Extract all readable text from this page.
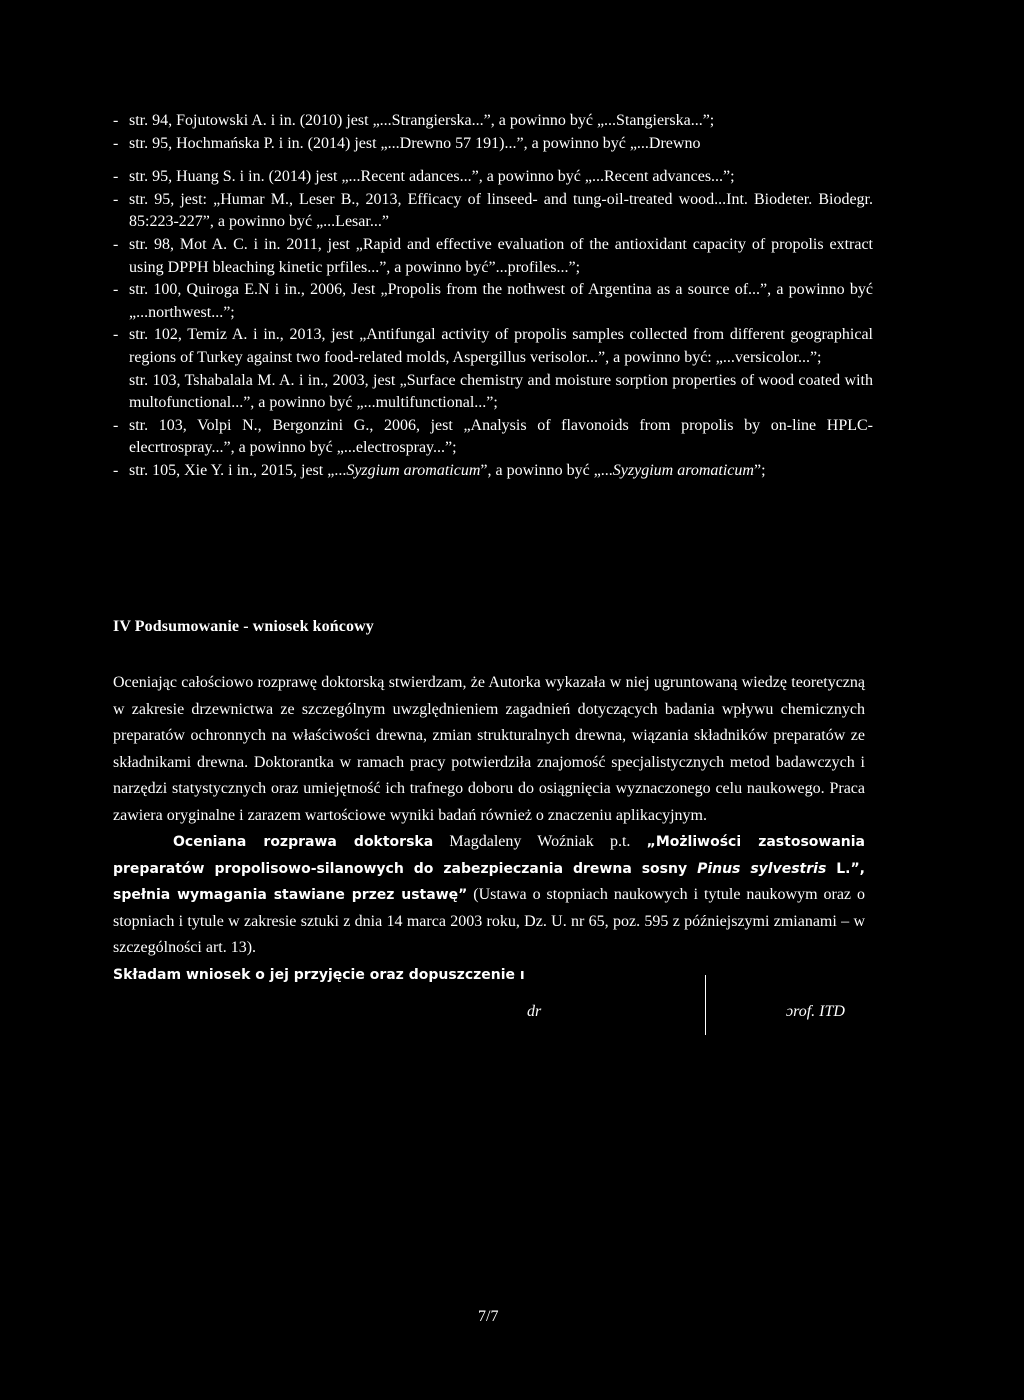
- str. 94, Fojutowski A. i in. (2010) jest „...Strangierska...”, a powinno być „...Stangierska...”;
- str. 95, Hochmańska P. i in. (2014) jest „...Drewno 57 191)...”, a powinno być „...Drewno
- str. 95, Huang S. i in. (2014) jest „...Recent adances...”, a powinno być „...Recent advances...”;
- str. 95, jest: „Humar M., Leser B., 2013, Efficacy of linseed- and tung-oil-treated wood...Int. Biodeter. Biodegr. 85:223-227”, a powinno być „...Lesar...”
- str. 98, Mot A. C. i in. 2011, jest „Rapid and effective evaluation of the antioxidant capacity of propolis extract using DPPH bleaching kinetic prfiles...”, a powinno być”...profiles...”;
- str. 100, Quiroga E.N i in., 2006, Jest „Propolis from the nothwest of Argentina as a source of...”, a powinno być „...northwest...”;
- str. 102, Temiz A. i in., 2013, jest „Antifungal activity of propolis samples collected from different geographical regions of Turkey against two food-related molds, Aspergillus verisolor...”, a powinno być: „...versicolor...”;
str. 103, Tshabalala M. A. i in., 2003, jest „Surface chemistry and moisture sorption properties of wood coated with multofunctional...”, a powinno być „...multifunctional...”;
- str. 103, Volpi N., Bergonzini G., 2006, jest „Analysis of flavonoids from propolis by on-line HPLC-elecrtrospray...”, a powinno być „...electrospray...”;
- str. 105, Xie Y. i in., 2015, jest „...Syzgium aromaticum”, a powinno być „...Syzygium aromaticum”;
IV Podsumowanie - wniosek końcowy

Oceniając całościowo rozprawę doktorską stwierdzam, że Autorka wykazała w niej ugruntowaną wiedzę teoretyczną w zakresie drzewnictwa ze szczególnym uwzględnieniem zagadnień dotyczących badania wpływu chemicznych preparatów ochronnych na właściwości drewna, zmian strukturalnych drewna, wiązania składników preparatów ze składnikami drewna. Doktorantka w ramach pracy potwierdziła znajomość specjalistycznych metod badawczych i narzędzi statystycznych oraz umiejętność ich trafnego doboru do osiągnięcia wyznaczonego celu naukowego. Praca zawiera oryginalne i zarazem wartościowe wyniki badań również o znaczeniu aplikacyjnym.

Oceniana rozprawa doktorska Magdaleny Woźniak p.t. „Możliwości zastosowania preparatów propolisowo-silanowych do zabezpieczania drewna sosny Pinus sylvestris L.”, spełnia wymagania stawiane przez ustawę” (Ustawa o stopniach naukowych i tytule naukowym oraz o stopniach i tytule w zakresie sztuki z dnia 14 marca 2003 roku, Dz. U. nr 65, poz. 595 z późniejszymi zmianami – w szczególności art. 13).

Składam wniosek o jej przyjęcie oraz dopuszczenie ı
dr	ɔrof. ITD
7/7
